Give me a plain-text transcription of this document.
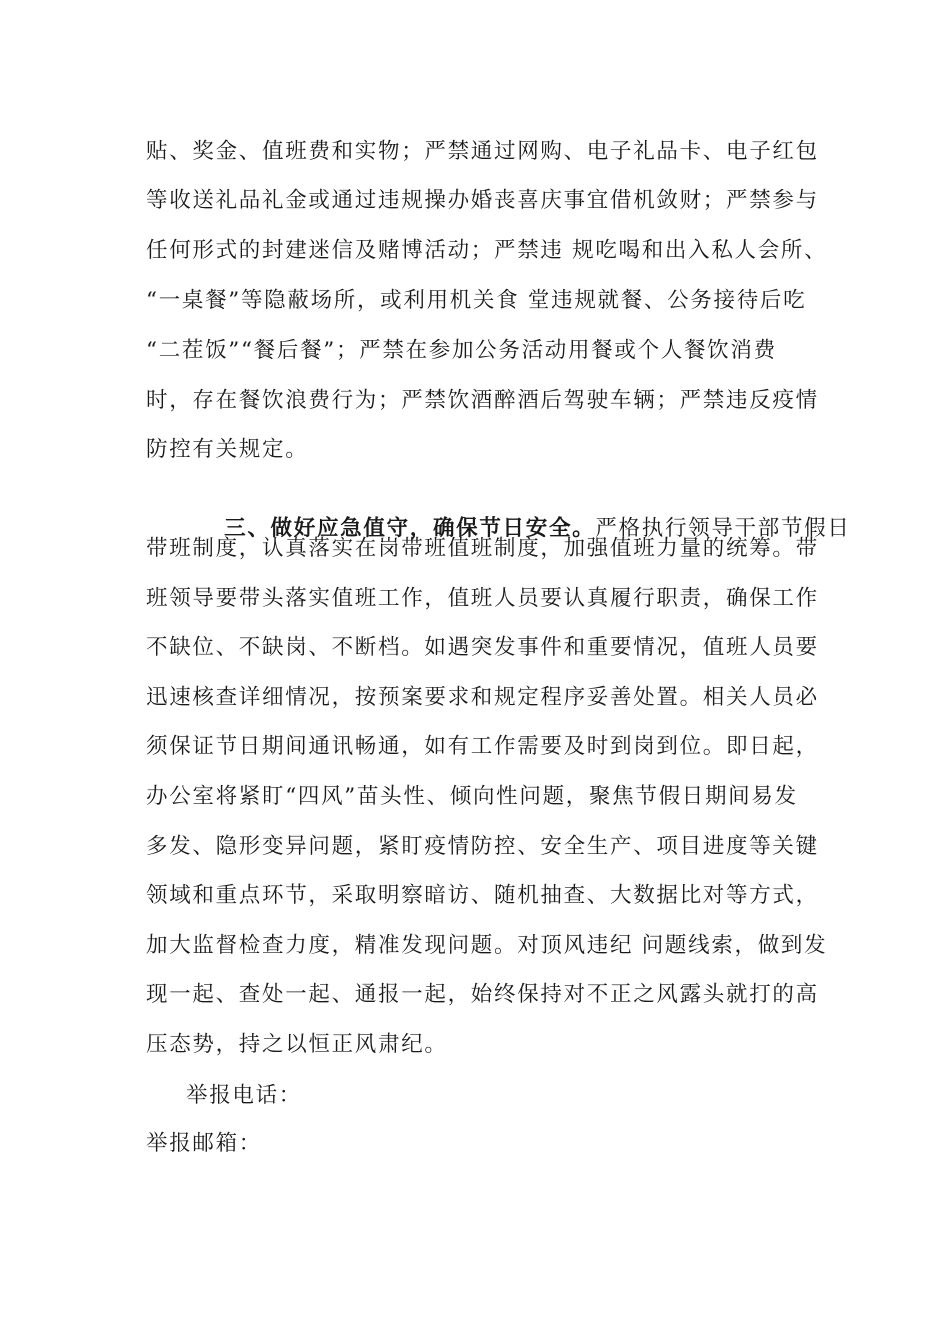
贴、奖金、值班费和实物；严禁通过网购、电子礼品卡、电子红包
等收送礼品礼金或通过违规操办婚丧喜庆事宜借机敛财；严禁参与
任何形式的封建迷信及赌博活动；严禁违 规吃喝和出入私人会所、
“一桌餐”等隐蔽场所，或利用机关食 堂违规就餐、公务接待后吃
“二茬饭”“餐后餐”；严禁在参加公务活动用餐或个人餐饮消费
时，存在餐饮浪费行为；严禁饮酒醉酒后驾驶车辆；严禁违反疫情
防控有关规定。

三、做好应急值守，确保节日安全。严格执行领导干部节假日

带班制度，认真落实在岗带班值班制度，加强值班力量的统筹。带
班领导要带头落实值班工作，值班人员要认真履行职责，确保工作
不缺位、不缺岗、不断档。如遇突发事件和重要情况，值班人员要
迅速核查详细情况，按预案要求和规定程序妥善处置。相关人员必
须保证节日期间通讯畅通，如有工作需要及时到岗到位。即日起，
办公室将紧盯“四风”苗头性、倾向性问题，聚焦节假日期间易发
多发、隐形变异问题，紧盯疫情防控、安全生产、项目进度等关键
领域和重点环节，采取明察暗访、随机抽查、大数据比对等方式，
加大监督检查力度，精准发现问题。对顶风违纪 问题线索，做到发
现一起、查处一起、通报一起，始终保持对不正之风露头就打的高
压态势，持之以恒正风肃纪。
举报电话：
举报邮箱：
